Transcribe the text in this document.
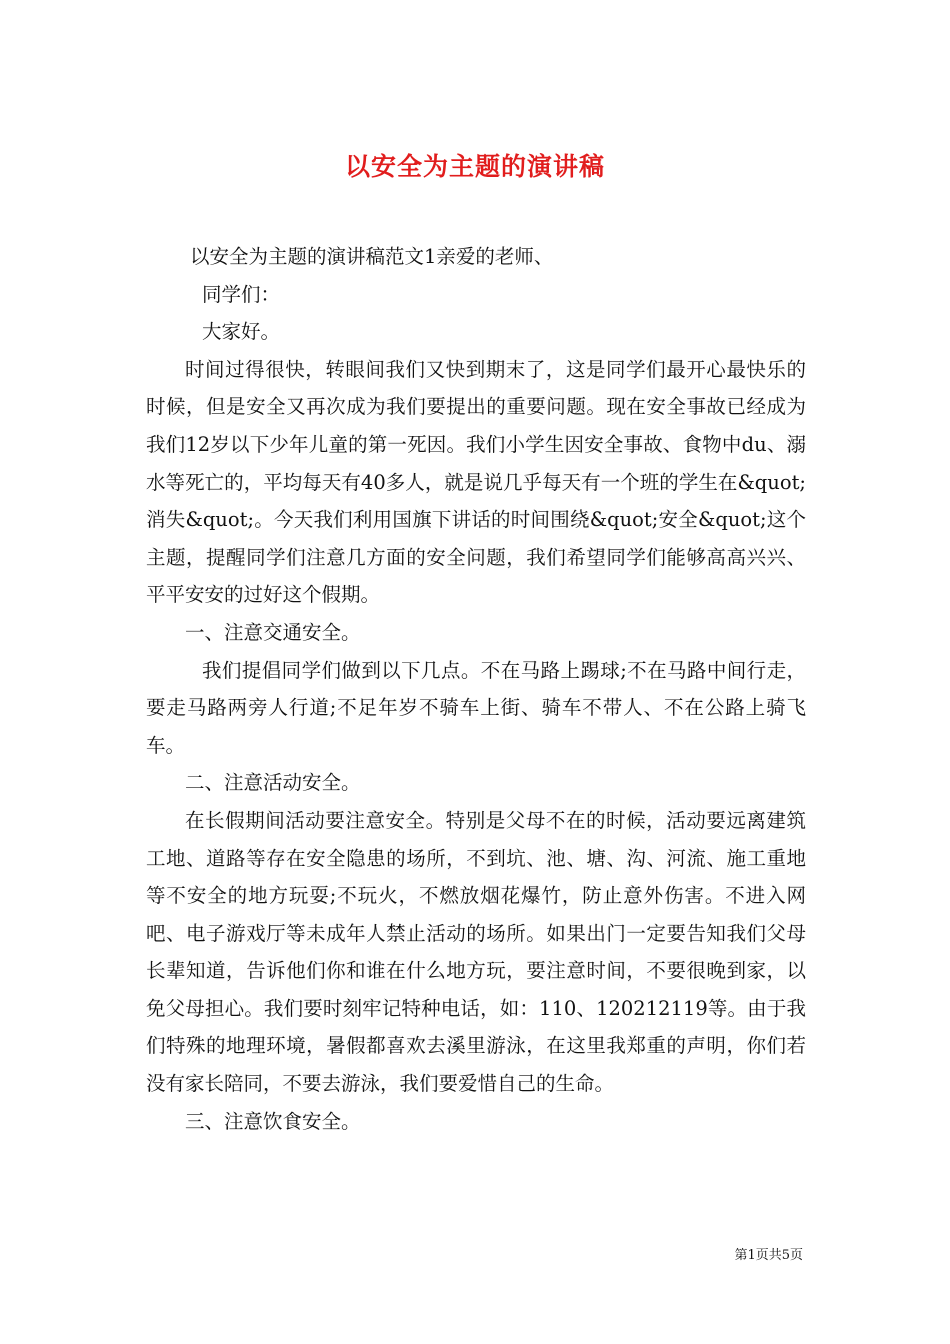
以安全为主题的演讲稿

以安全为主题的演讲稿范文1亲爱的老师、

同学们：

大家好。

时间过得很快，转眼间我们又快到期末了，这是同学们最开心最快乐的时候，但是安全又再次成为我们要提出的重要问题。现在安全事故已经成为我们12岁以下少年儿童的第一死因。我们小学生因安全事故、食物中du、溺水等死亡的，平均每天有40多人，就是说几乎每天有一个班的学生在&quot;消失&quot;。今天我们利用国旗下讲话的时间围绕&quot;安全&quot;这个主题，提醒同学们注意几方面的安全问题，我们希望同学们能够高高兴兴、平平安安的过好这个假期。

一、注意交通安全。

我们提倡同学们做到以下几点。不在马路上踢球;不在马路中间行走，要走马路两旁人行道;不足年岁不骑车上街、骑车不带人、不在公路上骑飞车。

二、注意活动安全。

在长假期间活动要注意安全。特别是父母不在的时候，活动要远离建筑工地、道路等存在安全隐患的场所，不到坑、池、塘、沟、河流、施工重地等不安全的地方玩耍;不玩火，不燃放烟花爆竹，防止意外伤害。不进入网吧、电子游戏厅等未成年人禁止活动的场所。如果出门一定要告知我们父母长辈知道，告诉他们你和谁在什么地方玩，要注意时间，不要很晚到家，以免父母担心。我们要时刻牢记特种电话，如：110、120212119等。由于我们特殊的地理环境，暑假都喜欢去溪里游泳，在这里我郑重的声明，你们若没有家长陪同，不要去游泳，我们要爱惜自己的生命。

三、注意饮食安全。

第1页共5页
